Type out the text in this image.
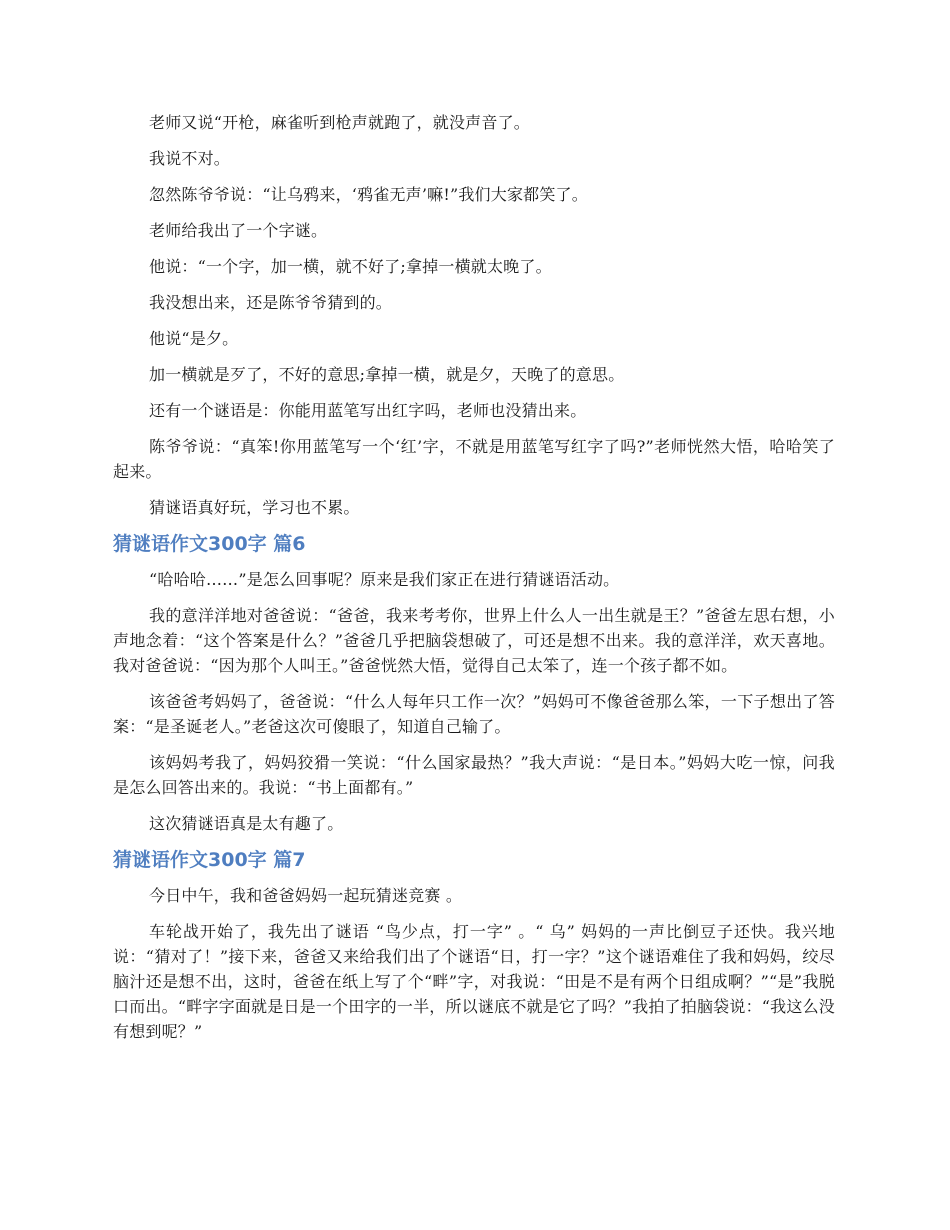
老师又说“开枪，麻雀听到枪声就跑了，就没声音了。

我说不对。

忽然陈爷爷说：“让乌鸦来，‘鸦雀无声’嘛!”我们大家都笑了。

老师给我出了一个字谜。

他说：“一个字，加一横，就不好了;拿掉一横就太晚了。

我没想出来，还是陈爷爷猜到的。

他说“是夕。

加一横就是歹了，不好的意思;拿掉一横，就是夕，天晚了的意思。

还有一个谜语是：你能用蓝笔写出红字吗，老师也没猜出来。

陈爷爷说：“真笨!你用蓝笔写一个‘红’字，不就是用蓝笔写红字了吗?”老师恍然大悟，哈哈笑了起来。

猜谜语真好玩，学习也不累。

猜谜语作文300字 篇6

“哈哈哈……”是怎么回事呢？原来是我们家正在进行猜谜语活动。

我的意洋洋地对爸爸说：“爸爸，我来考考你，世界上什么人一出生就是王？”爸爸左思右想，小声地念着：“这个答案是什么？”爸爸几乎把脑袋想破了，可还是想不出来。我的意洋洋，欢天喜地。我对爸爸说：“因为那个人叫王。”爸爸恍然大悟，觉得自己太笨了，连一个孩子都不如。

该爸爸考妈妈了，爸爸说：“什么人每年只工作一次？”妈妈可不像爸爸那么笨，一下子想出了答案：“是圣诞老人。”老爸这次可傻眼了，知道自己输了。

该妈妈考我了，妈妈狡猾一笑说：“什么国家最热？”我大声说：“是日本。”妈妈大吃一惊，问我是怎么回答出来的。我说：“书上面都有。”

这次猜谜语真是太有趣了。

猜谜语作文300字 篇7

今日中午，我和爸爸妈妈一起玩猜迷竞赛 。

车轮战开始了，我先出了谜语 “鸟少点，打一字” 。“ 乌” 妈妈的一声比倒豆子还快。我兴地说：“猜对了！”接下来，爸爸又来给我们出了个谜语“日，打一字？”这个谜语难住了我和妈妈，绞尽脑汁还是想不出，这时，爸爸在纸上写了个“畔”字，对我说：“田是不是有两个日组成啊？”“是”我脱口而出。“畔字字面就是日是一个田字的一半，所以谜底不就是它了吗？”我拍了拍脑袋说：“我这么没有想到呢？”
